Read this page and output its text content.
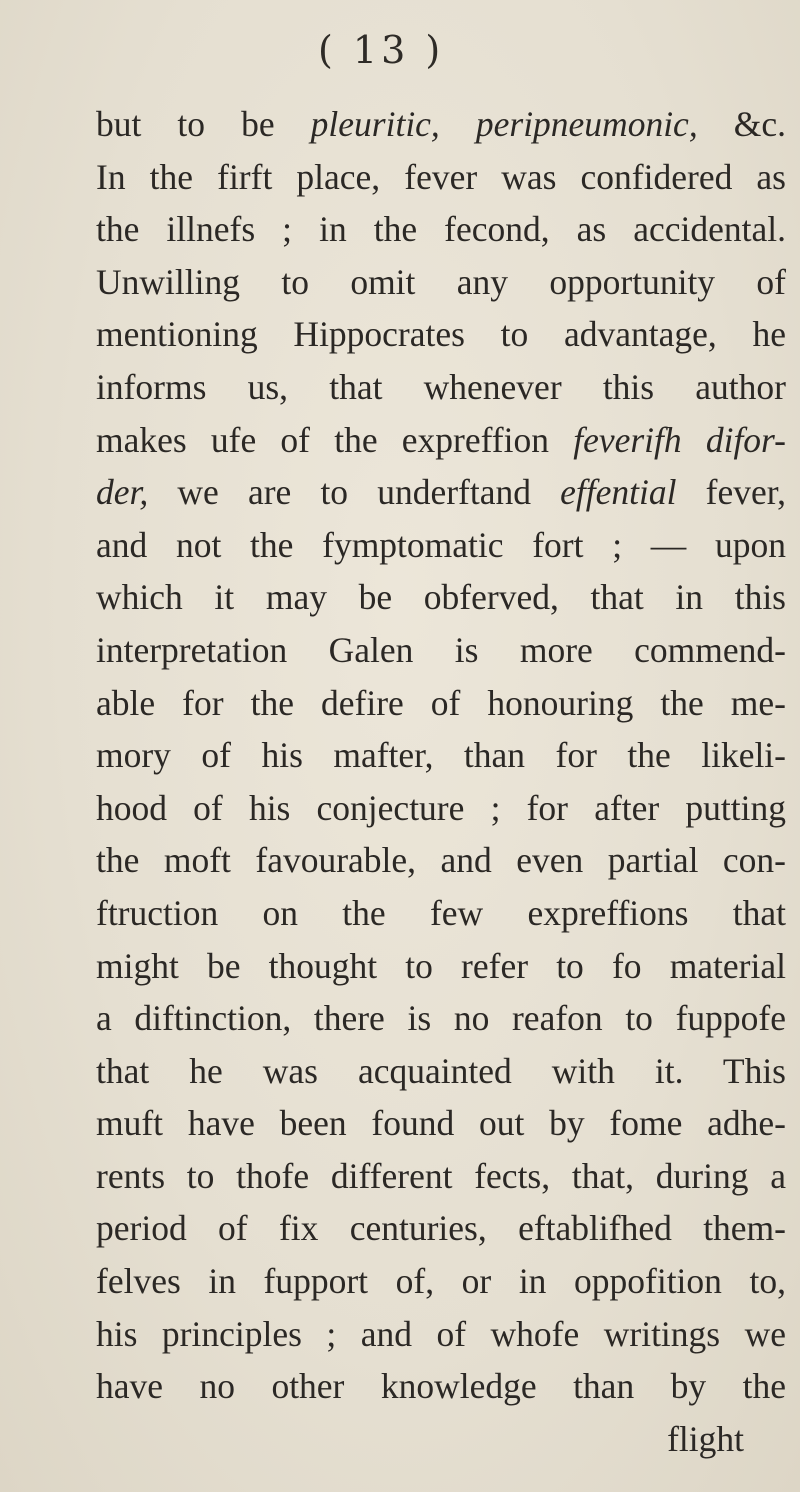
( 13 )
but to be pleuritic, peripneumonic, &c.
In the firft place, fever was confidered as
the illnefs ; in the fecond, as accidental.
Unwilling to omit any opportunity of
mentioning Hippocrates to advantage, he
informs us, that whenever this author
makes ufe of the expreffion feverifh difor-
der, we are to underftand effential fever,
and not the fymptomatic fort ; — upon
which it may be obferved, that in this
interpretation Galen is more commend-
able for the defire of honouring the me-
mory of his mafter, than for the likeli-
hood of his conjecture ; for after putting
the moft favourable, and even partial con-
ftruction on the few expreffions that
might be thought to refer to fo material
a diftinction, there is no reafon to fuppofe
that he was acquainted with it. This
muft have been found out by fome adhe-
rents to thofe different fects, that, during a
period of fix centuries, eftablifhed them-
felves in fupport of, or in oppofition to,
his principles ; and of whofe writings we
have no other knowledge than by the
flight
